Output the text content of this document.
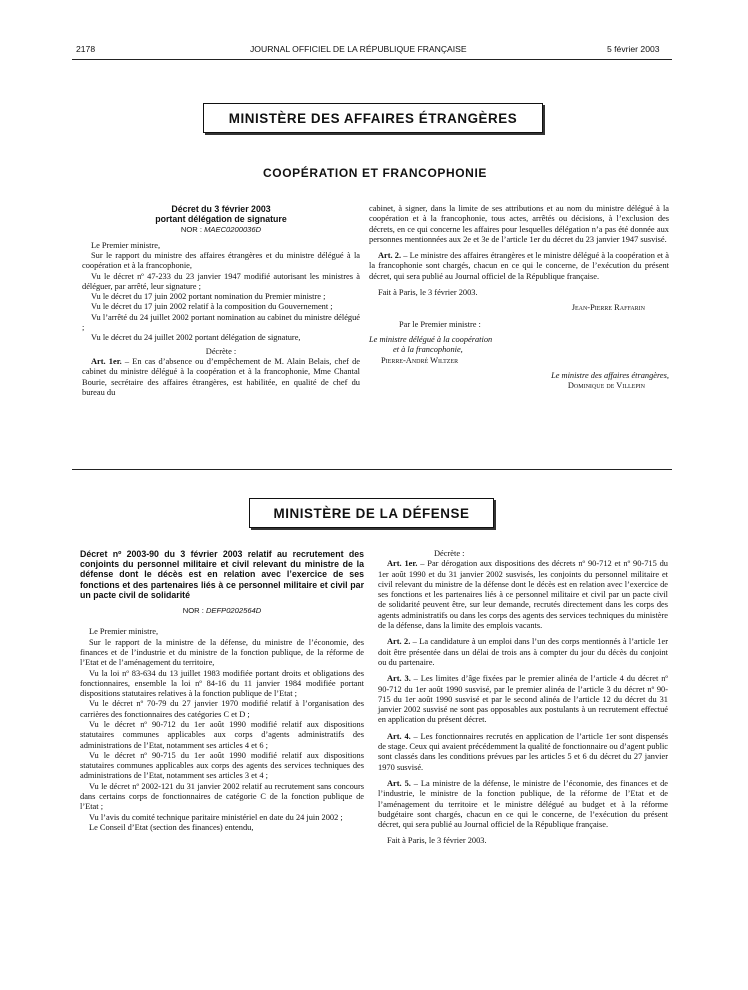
2178	JOURNAL OFFICIEL DE LA RÉPUBLIQUE FRANÇAISE	5 février 2003
MINISTÈRE DES AFFAIRES ÉTRANGÈRES
COOPÉRATION ET FRANCOPHONIE
Décret du 3 février 2003
portant délégation de signature
NOR : MAEC0200036D

Le Premier ministre,

Sur le rapport du ministre des affaires étrangères et du ministre délégué à la coopération et à la francophonie,

Vu le décret nº 47-233 du 23 janvier 1947 modifié autorisant les ministres à déléguer, par arrêté, leur signature ;

Vu le décret du 17 juin 2002 portant nomination du Premier ministre ;

Vu le décret du 17 juin 2002 relatif à la composition du Gouvernement ;

Vu l’arrêté du 24 juillet 2002 portant nomination au cabinet du ministre délégué ;

Vu le décret du 24 juillet 2002 portant délégation de signature,

Décrète :

Art. 1er. – En cas d’absence ou d’empêchement de M. Alain Belais, chef de cabinet du ministre délégué à la coopération et à la francophonie, Mme Chantal Bourie, secrétaire des affaires étrangères, est habilitée, en qualité de chef du bureau du

cabinet, à signer, dans la limite de ses attributions et au nom du ministre délégué à la coopération et à la francophonie, tous actes, arrêtés ou décisions, à l’exclusion des décrets, en ce qui concerne les affaires pour lesquelles délégation n’a pas été donnée aux personnes mentionnées aux 2e et 3e de l’article 1er du décret du 23 janvier 1947 susvisé.

Art. 2. – Le ministre des affaires étrangères et le ministre délégué à la coopération et à la francophonie sont chargés, chacun en ce qui le concerne, de l’exécution du présent décret, qui sera publié au Journal officiel de la République française.

Fait à Paris, le 3 février 2003.

Jean-Pierre Raffarin

Par le Premier ministre :

Le ministre délégué à la coopération

et à la francophonie,

Pierre-André Wiltzer

Le ministre des affaires étrangères,

Dominique de Villepin

MINISTÈRE DE LA DÉFENSE
Décret nº 2003-90 du 3 février 2003 relatif au recrutement des conjoints du personnel militaire et civil relevant du ministre de la défense dont le décès est en relation avec l’exercice de ses fonctions et des partenaires liés à ce personnel militaire et civil par un pacte civil de solidarité
NOR : DEFP0202564D

Le Premier ministre,

Sur le rapport de la ministre de la défense, du ministre de l’économie, des finances et de l’industrie et du ministre de la fonction publique, de la réforme de l’Etat et de l’aménagement du territoire,

Vu la loi nº 83-634 du 13 juillet 1983 modifiée portant droits et obligations des fonctionnaires, ensemble la loi nº 84-16 du 11 janvier 1984 modifiée portant dispositions statutaires relatives à la fonction publique de l’Etat ;

Vu le décret nº 70-79 du 27 janvier 1970 modifié relatif à l’organisation des carrières des fonctionnaires des catégories C et D ;

Vu le décret nº 90-712 du 1er août 1990 modifié relatif aux dispositions statutaires communes applicables aux corps d’agents administratifs des administrations de l’Etat, notamment ses articles 4 et 6 ;

Vu le décret nº 90-715 du 1er août 1990 modifié relatif aux dispositions statutaires communes applicables aux corps des agents des services techniques des administrations de l’Etat, notamment ses articles 3 et 4 ;

Vu le décret nº 2002-121 du 31 janvier 2002 relatif au recrutement sans concours dans certains corps de fonctionnaires de catégorie C de la fonction publique de l’Etat ;

Vu l’avis du comité technique paritaire ministériel en date du 24 juin 2002 ;

Le Conseil d’Etat (section des finances) entendu,

Décrète :

Art. 1er. – Par dérogation aux dispositions des décrets nº 90-712 et nº 90-715 du 1er août 1990 et du 31 janvier 2002 susvisés, les conjoints du personnel militaire et civil relevant du ministre de la défense dont le décès est en relation avec l’exercice de ses fonctions et les partenaires liés à ce personnel militaire et civil par un pacte civil de solidarité peuvent être, sur leur demande, recrutés directement dans les corps des agents administratifs ou dans les corps des agents des services techniques du ministère de la défense, dans la limite des emplois vacants.

Art. 2. – La candidature à un emploi dans l’un des corps mentionnés à l’article 1er doit être présentée dans un délai de trois ans à compter du jour du décès du conjoint ou du partenaire.

Art. 3. – Les limites d’âge fixées par le premier alinéa de l’article 4 du décret nº 90-712 du 1er août 1990 susvisé, par le premier alinéa de l’article 3 du décret nº 90-715 du 1er août 1990 susvisé et par le second alinéa de l’article 12 du décret du 31 janvier 2002 susvisé ne sont pas opposables aux postulants à un recrutement effectué en application du présent décret.

Art. 4. – Les fonctionnaires recrutés en application de l’article 1er sont dispensés de stage. Ceux qui avaient précédemment la qualité de fonctionnaire ou d’agent public sont classés dans les conditions prévues par les articles 5 et 6 du décret du 27 janvier 1970 susvisé.

Art. 5. – La ministre de la défense, le ministre de l’économie, des finances et de l’industrie, le ministre de la fonction publique, de la réforme de l’Etat et de l’aménagement du territoire et le ministre délégué au budget et à la réforme budgétaire sont chargés, chacun en ce qui le concerne, de l’exécution du présent décret, qui sera publié au Journal officiel de la République française.

Fait à Paris, le 3 février 2003.
